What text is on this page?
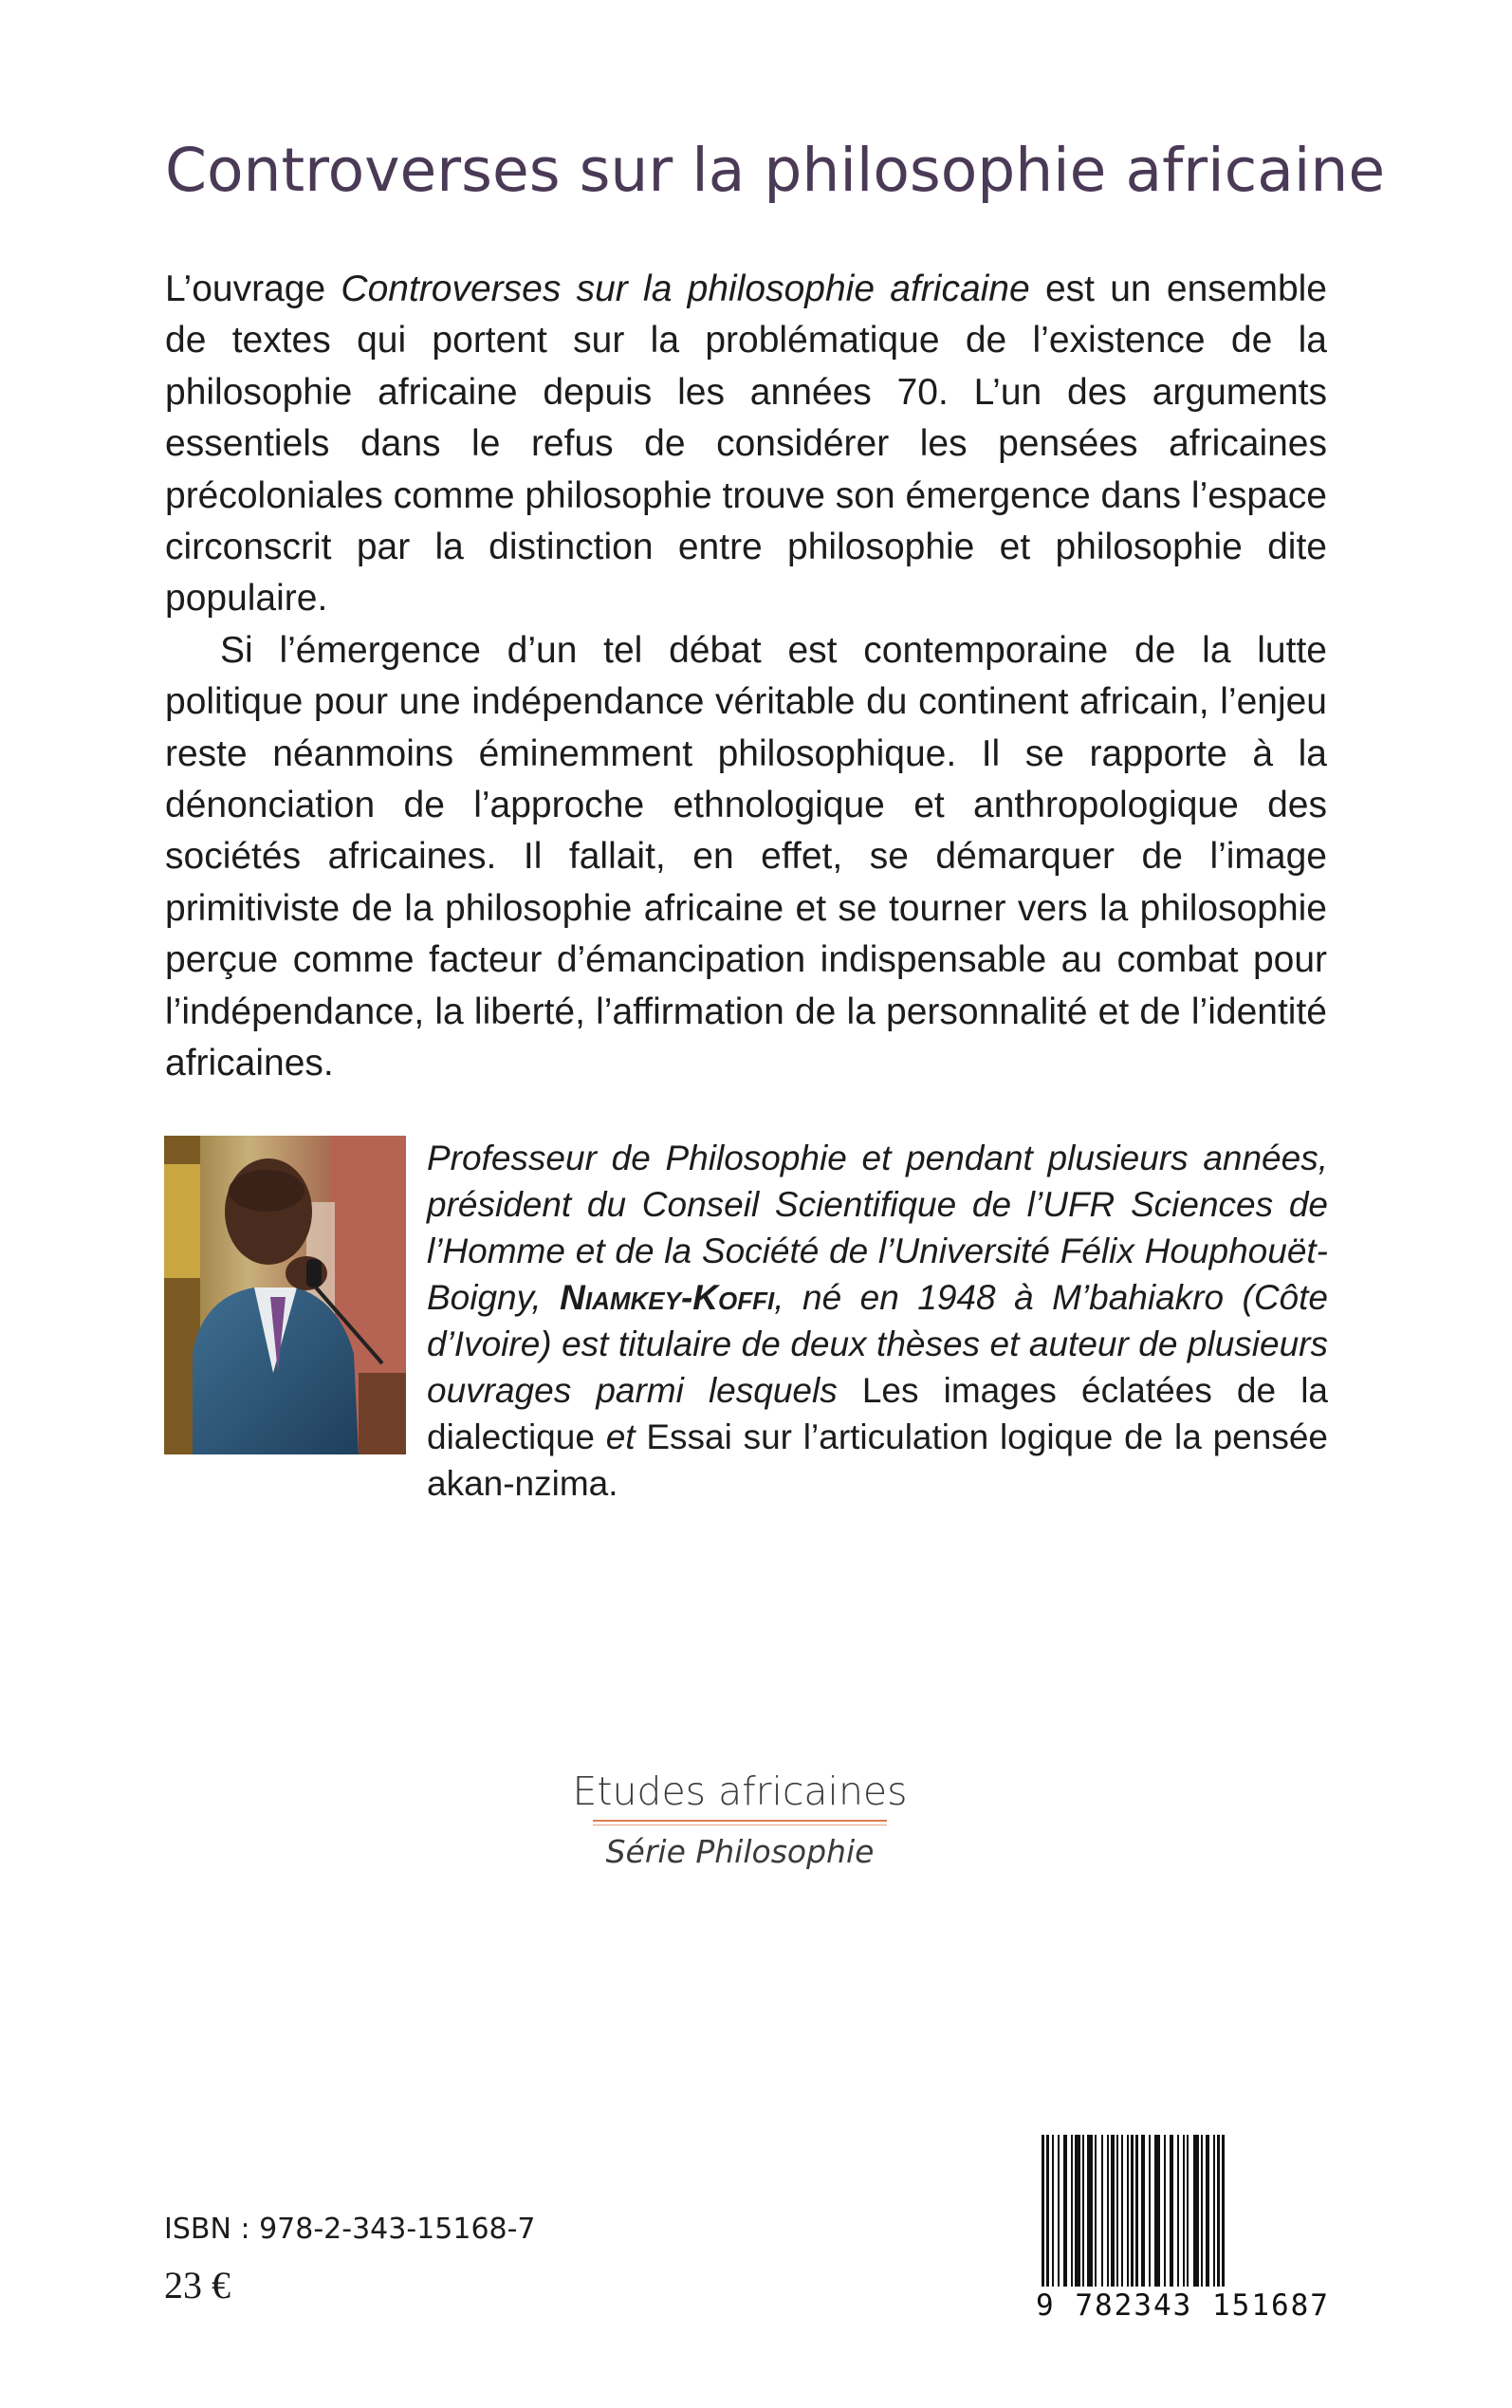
Controverses sur la philosophie africaine

L’ouvrage Controverses sur la philosophie africaine est un ensemble de textes qui portent sur la problématique de l’existence de la philosophie africaine depuis les années 70. L’un des arguments essentiels dans le refus de considérer les pensées africaines précoloniales comme philosophie trouve son émergence dans l’espace circonscrit par la distinction entre philosophie et philosophie dite populaire.

Si l’émergence d’un tel débat est contemporaine de la lutte politique pour une indépendance véritable du continent africain, l’enjeu reste néanmoins éminemment philosophique. Il se rapporte à la dénonciation de l’approche ethnologique et anthropologique des sociétés africaines. Il fallait, en effet, se démarquer de l’image primitiviste de la philosophie africaine et se tourner vers la philosophie perçue comme facteur d’émancipation indispensable au combat pour l’indépendance, la liberté, l’affirmation de la personnalité et de l’identité africaines.

Professeur de Philosophie et pendant plusieurs années, président du Conseil Scientifique de l’UFR Sciences de l’Homme et de la Société de l’Université Félix Houphouët-Boigny, Niamkey-Koffi, né en 1948 à M’bahiakro (Côte d’Ivoire) est titulaire de deux thèses et auteur de plusieurs ouvrages parmi lesquels Les images éclatées de la dialectique et Essai sur l’articulation logique de la pensée akan-nzima.
Etudes africaines
Série Philosophie
ISBN : 978-2-343-15168-7
23 €	9 782343 151687
